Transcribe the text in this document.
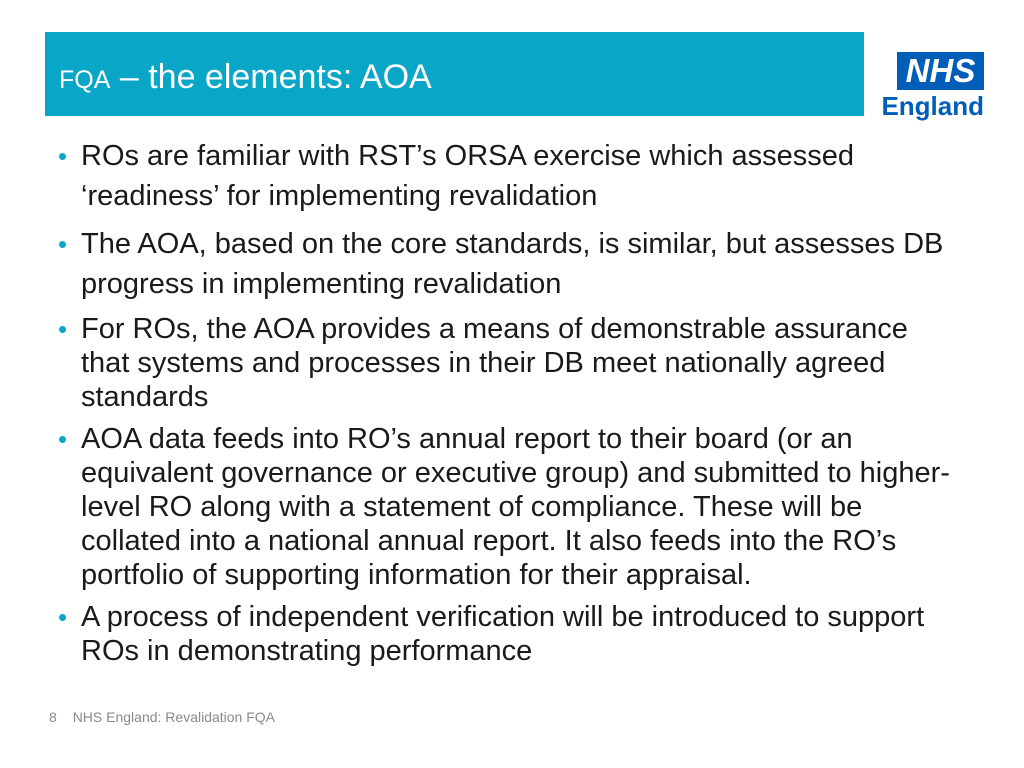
FQA – the elements: AOA	NHS
England
• ROs are familiar with RST’s ORSA exercise which assessed ‘readiness’ for implementing revalidation
• The AOA, based on the core standards, is similar, but assesses DB progress in implementing revalidation
• For ROs, the AOA provides a means of demonstrable assurance that systems and processes in their DB meet nationally agreed standards
• AOA data feeds into RO’s annual report to their board (or an equivalent governance or executive group) and submitted to higher-level RO along with a statement of compliance. These will be collated into a national annual report. It also feeds into the RO’s portfolio of supporting information for their appraisal.
• A process of independent verification will be introduced to support ROs in demonstrating performance
8 NHS England: Revalidation FQA
